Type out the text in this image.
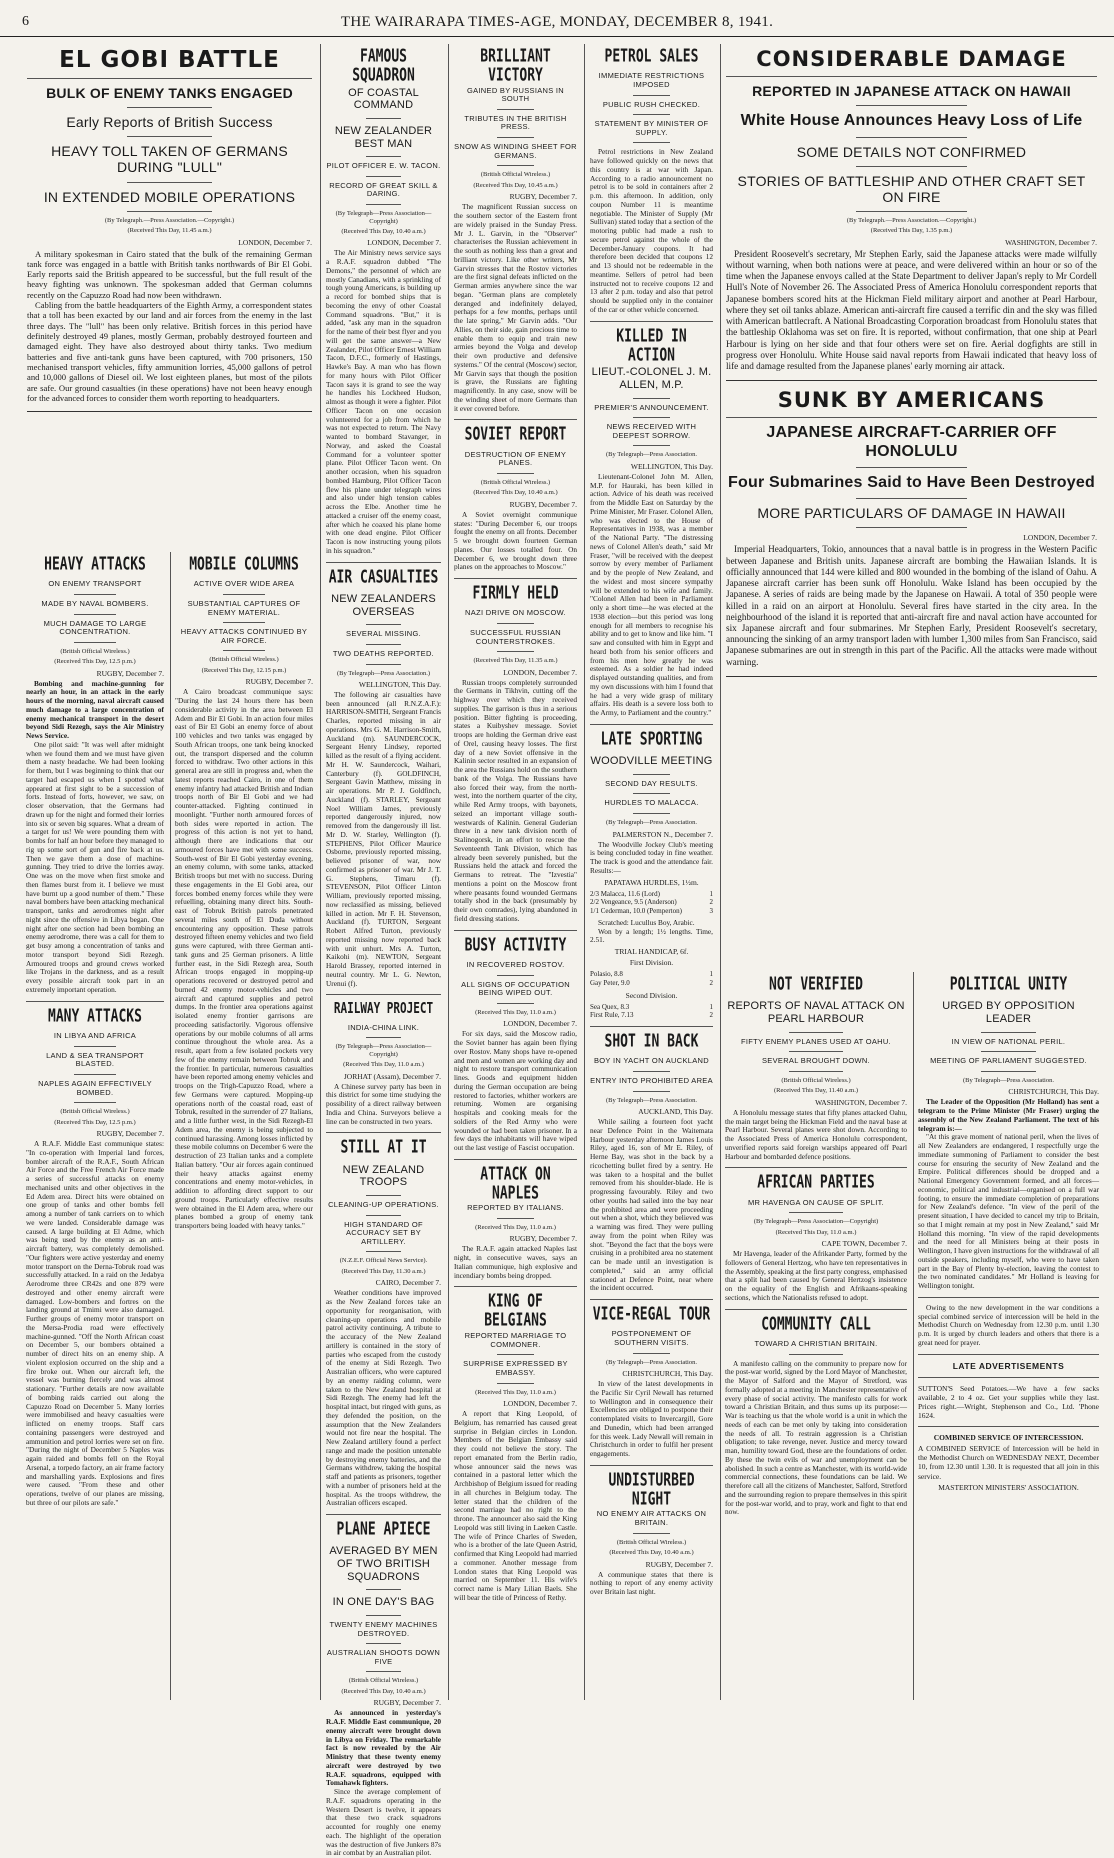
6	THE WAIRARAPA TIMES-AGE, MONDAY, DECEMBER 8, 1941.
EL GOBI BATTLE
BULK OF ENEMY TANKS ENGAGED
Early Reports of British Success
HEAVY TOLL TAKEN OF GERMANS DURING "LULL"
IN EXTENDED MOBILE OPERATIONS
(By Telegraph.—Press Association.—Copyright.)
(Received This Day, 11.45 a.m.)
LONDON, December 7.

A military spokesman in Cairo stated that the bulk of the remaining German tank force was engaged in a battle with British tanks northwards of Bir El Gobi. Early reports said the British appeared to be successful, but the full result of the heavy fighting was unknown. The spokesman added that German columns recently on the Capuzzo Road had now been withdrawn.

Cabling from the battle headquarters of the Eighth Army, a correspondent states that a toll has been exacted by our land and air forces from the enemy in the last three days. The "lull" has been only relative. British forces in this period have definitely destroyed 49 planes, mostly German, probably destroyed fourteen and damaged eight. They have also destroyed about thirty tanks. Two medium batteries and five anti-tank guns have been captured, with 700 prisoners, 150 mechanised transport vehicles, fifty ammunition lorries, 45,000 gallons of petrol and 10,000 gallons of Diesel oil. We lost eighteen planes, but most of the pilots are safe. Our ground casualties (in these operations) have not been heavy enough for the advanced forces to consider them worth reporting to headquarters.

HEAVY ATTACKS
ON ENEMY TRANSPORT
MADE BY NAVAL BOMBERS.
MUCH DAMAGE TO LARGE CONCENTRATION.
(British Official Wireless.)
(Received This Day, 12.5 p.m.)
RUGBY, December 7.

Bombing and machine-gunning for nearly an hour, in an attack in the early hours of the morning, naval aircraft caused much damage to a large concentration of enemy mechanical transport in the desert beyond Sidi Rezegh, says the Air Ministry News Service.

One pilot said: "It was well after midnight when we found them and we must have given them a nasty headache. We had been looking for them, but I was beginning to think that our target had escaped us when I spotted what appeared at first sight to be a succession of forts. Instead of forts, however, we saw, on closer observation, that the Germans had drawn up for the night and formed their lorries into six or seven big squares. What a dream of a target for us! We were pounding them with bombs for half an hour before they managed to rig up some sort of gun and fire back at us. Then we gave them a dose of machine-gunning. They tried to drive the lorries away. One was on the move when first smoke and then flames burst from it. I believe we must have burnt up a good number of them." These naval bombers have been attacking mechanical transport, tanks and aerodromes night after night since the offensive in Libya began. One night after one section had been bombing an enemy aerodrome, there was a call for them to get busy among a concentration of tanks and motor transport beyond Sidi Rezegh. Armoured troops and ground crews worked like Trojans in the darkness, and as a result every possible aircraft took part in an extremely important operation.

MANY ATTACKS
IN LIBYA AND AFRICA
LAND & SEA TRANSPORT BLASTED.
NAPLES AGAIN EFFECTIVELY BOMBED.
(British Official Wireless.)
(Received This Day, 12.5 p.m.)
RUGBY, December 7.

A R.A.F. Middle East communique states: "In co-operation with Imperial land forces, bomber aircraft of the R.A.F., South African Air Force and the Free French Air Force made a series of successful attacks on enemy mechanised units and other objectives in the Ed Adem area. Direct hits were obtained on one group of tanks and other bombs fell among a number of tank carriers on to which we were landed. Considerable damage was caused. A large building at El Adme, which was being used by the enemy as an anti-aircraft battery, was completely demolished. "Our fighters were active yesterday and enemy motor transport on the Derna-Tobruk road was successfully attacked. In a raid on the Jedabya Aerodrome three CR42s and one 879 were destroyed and other enemy aircraft were damaged. Low-bombers and fortres on the landing ground at Tmimi were also damaged. Further groups of enemy motor transport on the Mersa-Prodia road were effectively machine-gunned. "Off the North African coast on December 5, our bombers obtained a number of direct hits on an enemy ship. A violent explosion occurred on the ship and a fire broke out. When our aircraft left, the vessel was burning fiercely and was almost stationary. "Further details are now available of bombing raids carried out along the Capuzzo Road on December 5. Many lorries were immobilised and heavy casualties were inflicted on enemy troops. Staff cars containing passengers were destroyed and ammunition and petrol lorries were set on fire. "During the night of December 5 Naples was again raided and bombs fell on the Royal Arsenal, a torpedo factory, an air frame factory and marshalling yards. Explosions and fires were caused. "From these and other operations, twelve of our planes are missing, but three of our pilots are safe."

MOBILE COLUMNS
ACTIVE OVER WIDE AREA
SUBSTANTIAL CAPTURES OF ENEMY MATERIAL.
HEAVY ATTACKS CONTINUED BY AIR FORCE.
(British Official Wireless.)
(Received This Day, 12.15 p.m.)
RUGBY, December 7.

A Cairo broadcast communique says: "During the last 24 hours there has been considerable activity in the area between El Adem and Bir El Gobi. In an action four miles east of Bir El Gobi an enemy force of about 100 vehicles and two tanks was engaged by South African troops, one tank being knocked out, the transport dispersed and the column forced to withdraw. Two other actions in this general area are still in progress and, when the latest reports reached Cairo, in one of them enemy infantry had attacked British and Indian troops north of Bir El Gobi and we had counter-attacked. Fighting continued in moonlight. "Further north armoured forces of both sides were reported in action. The progress of this action is not yet to hand, although there are indications that our armoured forces have met with some success. South-west of Bir El Gobi yesterday evening, an enemy column, with some tanks, attacked British troops but met with no success. During these engagements in the El Gobi area, our forces bombed enemy forces while they were refuelling, obtaining many direct hits. South-east of Tobruk British patrols penetrated several miles south of El Duda without encountering any opposition. These patrols destroyed fifteen enemy vehicles and two field guns were captured, with three German anti-tank guns and 25 German prisoners. A little further east, in the Sidi Rezegh area, South African troops engaged in mopping-up operations recovered or destroyed petrol and burned 42 enemy motor-vehicles and two aircraft and captured supplies and petrol dumps. In the frontier area operations against isolated enemy frontier garrisons are proceeding satisfactorily. Vigorous offensive operations by our mobile columns of all arms continue throughout the whole area. As a result, apart from a few isolated pockets very few of the enemy remain between Tobruk and the frontier. In particular, numerous casualties have been reported among enemy vehicles and troops on the Trigh-Capuzzo Road, where a few Germans were captured. Mopping-up operations north of the coastal road, east of Tobruk, resulted in the surrender of 27 Italians, and a little further west, in the Sidi Rezegh-El Adem area, the enemy is being subjected to continued harassing. Among losses inflicted by these mobile columns on December 6 were the destruction of 23 Italian tanks and a complete Italian battery. "Our air forces again continued their heavy attacks against enemy concentrations and enemy motor-vehicles, in addition to affording direct support to our ground troops. Particularly effective results were obtained in the El Adem area, where our planes bombed a group of enemy tank transporters being loaded with heavy tanks."

FAMOUS SQUADRON
OF COASTAL COMMAND
NEW ZEALANDER BEST MAN
PILOT OFFICER E. W. TACON.
RECORD OF GREAT SKILL & DARING.
(By Telegraph—Press Association—Copyright)
(Received This Day, 10.40 a.m.)
LONDON, December 7.

The Air Ministry news service says a R.A.F. squadron dubbed "The Demons," the personnel of which are mostly Canadians, with a sprinkling of tough young Americans, is building up a record for bombed ships that is becoming the envy of other Coastal Command squadrons. "But," it is added, "ask any man in the squadron for the name of their best flyer and you will get the same answer—a New Zealander, Pilot Officer Ernest William Tacon, D.F.C., formerly of Hastings, Hawke's Bay. A man who has flown for many hours with Pilot Officer Tacon says it is grand to see the way he handles his Lockheed Hudson, almost as though it were a fighter. Pilot Officer Tacon on one occasion volunteered for a job from which he was not expected to return. The Navy wanted to bombard Stavanger, in Norway, and asked the Coastal Command for a volunteer spotter plane. Pilot Officer Tacon went. On another occasion, when his squadron bombed Hamburg, Pilot Officer Tacon flew his plane under telegraph wires and also under high tension cables across the Elbe. Another time he attacked a cruiser off the enemy coast, after which he coaxed his plane home with one dead engine. Pilot Officer Tacon is now instructing young pilots in his squadron."

AIR CASUALTIES
NEW ZEALANDERS OVERSEAS
SEVERAL MISSING.
TWO DEATHS REPORTED.
(By Telegraph—Press Association.)
WELLINGTON, This Day.

The following air casualties have been announced (all R.N.Z.A.F.): HARRISON-SMITH, Sergeant Francis Charles, reported missing in air operations. Mrs G. M. Harrison-Smith, Auckland (m). SAUNDERCOCK, Sergeant Henry Lindsey, reported killed as the result of a flying accident. Mr H. W. Saundercock, Waihari, Canterbury (f). GOLDFINCH, Sergeant Gavin Matthew, missing in air operations. Mr P. J. Goldfinch, Auckland (f). STARLEY, Sergeant Noel William James, previously reported dangerously injured, now removed from the dangerously ill list. Mr D. W. Starley, Wellington (f). STEPHENS, Pilot Officer Maurice Osborne, previously reported missing, believed prisoner of war, now confirmed as prisoner of war. Mr J. T. G. Stephens, Timaru (f). STEVENSON, Pilot Officer Linton William, previously reported missing, now reclassified as missing, believed killed in action. Mr F. H. Stevenson, Auckland (f). TURTON, Sergeant Robert Alfred Turton, previously reported missing now reported back with unit unhurt. Mrs A. Turton, Kaikohi (m). NEWTON, Sergeant Harold Brassey, reported interned in neutral country. Mr L. G. Newton, Urenui (f).

RAILWAY PROJECT
INDIA-CHINA LINK.
(By Telegraph—Press Association—Copyright)
(Received This Day, 11.0 a.m.)
JORHAT (Assam), December 7.

A Chinese survey party has been in this district for some time studying the possibility of a direct railway between India and China. Surveyors believe a line can be constructed in two years.

STILL AT IT
NEW ZEALAND TROOPS
CLEANING-UP OPERATIONS.
HIGH STANDARD OF ACCURACY SET BY ARTILLERY.
(N.Z.E.F. Official News Service).
(Received This Day, 11.30 a.m.)
CAIRO, December 7.

Weather conditions have improved as the New Zealand forces take an opportunity for reorganisation, with cleaning-up operations and mobile patrol activity continuing. A tribute to the accuracy of the New Zealand artillery is contained in the story of parties who escaped from the custody of the enemy at Sidi Rezegh. Two Australian officers, who were captured by an enemy raiding column, were taken to the New Zealand hospital at Sidi Rezegh. The enemy had left the hospital intact, but ringed with guns, as they defended the position, on the assumption that the New Zealanders would not fire near the hospital. The New Zealand artillery found a perfect range and made the position untenable by destroying enemy batteries, and the Germans withdrew, taking the hospital staff and patients as prisoners, together with a number of prisoners held at the hospital. As the troops withdrew, the Australian officers escaped.

PLANE APIECE
AVERAGED BY MEN OF TWO BRITISH SQUADRONS
IN ONE DAY'S BAG
TWENTY ENEMY MACHINES DESTROYED.
AUSTRALIAN SHOOTS DOWN FIVE
(British Official Wireless.)
(Received This Day, 10.40 a.m.)
RUGBY, December 7.

As announced in yesterday's R.A.F. Middle East communique, 20 enemy aircraft were brought down in Libya on Friday. The remarkable fact is now revealed by the Air Ministry that these twenty enemy aircraft were destroyed by two R.A.F. squadrons, equipped with Tomahawk fighters.

Since the average complement of R.A.F. squadrons operating in the Western Desert is twelve, it appears that these two crack squadrons accounted for roughly one enemy each. The highlight of the operation was the destruction of five Junkers 87s in air combat by an Australian pilot.

BRILLIANT VICTORY
GAINED BY RUSSIANS IN SOUTH
TRIBUTES IN THE BRITISH PRESS.
SNOW AS WINDING SHEET FOR GERMANS.
(British Official Wireless.)
(Received This Day, 10.45 a.m.)
RUGBY, December 7.

The magnificent Russian success on the southern sector of the Eastern front are widely praised in the Sunday Press. Mr J. L. Garvin, in the "Observer" characterises the Russian achievement in the south as nothing less than a great and brilliant victory. Like other writers, Mr Garvin stresses that the Rostov victories are the first signal defeats inflicted on the German armies anywhere since the war began. "German plans are completely deranged and indefinitely delayed, perhaps for a few months, perhaps until the late spring," Mr Garvin adds. "Our Allies, on their side, gain precious time to enable them to equip and train new armies beyond the Volga and develop their own productive and defensive systems." Of the central (Moscow) sector, Mr Garvin says that though the position is grave, the Russians are fighting magnificently. In any case, snow will be the winding sheet of more Germans than it ever covered before.

SOVIET REPORT
DESTRUCTION OF ENEMY PLANES.
(British Official Wireless.)
(Received This Day, 10.40 a.m.)
RUGBY, December 7.

A Soviet overnight communique states: "During December 6, our troops fought the enemy on all fronts. December 5 we brought down fourteen German planes. Our losses totalled four. On December 6, we brought down three planes on the approaches to Moscow."

FIRMLY HELD
NAZI DRIVE ON MOSCOW.
SUCCESSFUL RUSSIAN COUNTERSTROKES.
(Received This Day, 11.35 a.m.)
LONDON, December 7.

Russian troops completely surrounded the Germans in Tikhvin, cutting off the highway over which they received supplies. The garrison is thus in a serious position. Bitter fighting is proceeding, states a Kuibyshev message. Soviet troops are holding the German drive east of Orel, causing heavy losses. The first day of a new Soviet offensive in the Kalinin sector resulted in an expansion of the area the Russians hold on the southern bank of the Volga. The Russians have also forced their way, from the north-west, into the northern quarter of the city, while Red Army troops, with bayonets, seized an important village south-westwards of Kalinin. General Guderian threw in a new tank division north of Stalinogorsk, in an effort to rescue the Seventeenth Tank Division, which has already been severely punished, but the Russians held the attack and forced the Germans to retreat. The "Izvestia" mentions a point on the Moscow front where peasants found wounded Germans totally shod in the back (presumably by their own comrades), lying abandoned in field dressing stations.

BUSY ACTIVITY
IN RECOVERED ROSTOV.
ALL SIGNS OF OCCUPATION BEING WIPED OUT.
(Received This Day, 11.0 a.m.)
LONDON, December 7.

For six days, said the Moscow radio, the Soviet banner has again been flying over Rostov. Many shops have re-opened and men and women are working day and night to restore transport communication lines. Goods and equipment hidden during the German occupation are being restored to factories, whither workers are returning. Women are organising hospitals and cooking meals for the soldiers of the Red Army who were wounded or had been taken prisoner. In a few days the inhabitants will have wiped out the last vestige of Fascist occupation.

ATTACK ON NAPLES
REPORTED BY ITALIANS.
(Received This Day, 11.0 a.m.)
RUGBY, December 7.

The R.A.F. again attacked Naples last night, in consecutive waves, says an Italian communique, high explosive and incendiary bombs being dropped.

KING OF BELGIANS
REPORTED MARRIAGE TO COMMONER.
SURPRISE EXPRESSED BY EMBASSY.
(Received This Day, 11.0 a.m.)
LONDON, December 7.

A report that King Leopold, of Belgium, has remarried has caused great surprise in Belgian circles in London. Members of the Belgian Embassy said they could not believe the story. The report emanated from the Berlin radio, whose announcer said the news was contained in a pastoral letter which the Archbishop of Belgium issued for reading in all churches in Belgium today. The letter stated that the children of the second marriage had no right to the throne. The announcer also said the King Leopold was still living in Laeken Castle. The wife of Prince Charles of Sweden, who is a brother of the late Queen Astrid, confirmed that King Leopold had married a commoner. Another message from London states that King Leopold was married on September 11. His wife's correct name is Mary Lilian Baels. She will bear the title of Princess of Rethy.

PETROL SALES
IMMEDIATE RESTRICTIONS IMPOSED
PUBLIC RUSH CHECKED.
STATEMENT BY MINISTER OF SUPPLY.

Petrol restrictions in New Zealand have followed quickly on the news that this country is at war with Japan. According to a radio announcement no petrol is to be sold in containers after 2 p.m. this afternoon. In addition, only coupon Number 11 is meantime negotiable. The Minister of Supply (Mr Sullivan) stated today that a section of the motoring public had made a rush to secure petrol against the whole of the December-January coupons. It had therefore been decided that coupons 12 and 13 should not be redeemable in the meantime. Sellers of petrol had been instructed not to receive coupons 12 and 13 after 2 p.m. today and also that petrol should be supplied only in the container of the car or other vehicle concerned.

KILLED IN ACTION
LIEUT.-COLONEL J. M. ALLEN, M.P.
PREMIER'S ANNOUNCEMENT.
NEWS RECEIVED WITH DEEPEST SORROW.
(By Telegraph—Press Association.
WELLINGTON, This Day.

Lieutenant-Colonel John M. Allen, M.P. for Hauraki, has been killed in action. Advice of his death was received from the Middle East on Saturday by the Prime Minister, Mr Fraser. Colonel Allen, who was elected to the House of Representatives in 1938, was a member of the National Party. "The distressing news of Colonel Allen's death," said Mr Fraser, "will be received with the deepest sorrow by every member of Parliament and by the people of New Zealand, and the widest and most sincere sympathy will be extended to his wife and family. "Colonel Allen had been in Parliament only a short time—he was elected at the 1938 election—but this period was long enough for all members to recognise his ability and to get to know and like him. "I saw and consulted with him in Egypt and heard both from his senior officers and from his men how greatly he was esteemed. As a soldier he had indeed displayed outstanding qualities, and from my own discussions with him I found that he had a very wide grasp of military affairs. His death is a severe loss both to the Army, to Parliament and the country."

LATE SPORTING
WOODVILLE MEETING
SECOND DAY RESULTS.
HURDLES TO MALACCA.
(By Telegraph—Press Association.
PALMERSTON N., December 7.

The Woodville Jockey Club's meeting is being concluded today in fine weather. The track is good and the attendance fair. Results:—

PAPATAWA HURDLES, 1½m.
2/3 Malacca, 11.6 (Lord)	1
2/2 Vengeance, 9.5 (Anderson)	2
1/1 Cederman, 10.0 (Pemperton)	3

Scratched: Lucullus Boy, Arabic.

Won by a length; 1½ lengths. Time, 2.51.

TRIAL HANDICAP, 6f.
First Division.
Polasio, 8.8	1
Gay Peter, 9.0	2
Second Division.
Sea Quex, 8.3	1
First Rule, 7.13	2
SHOT IN BACK
BOY IN YACHT ON AUCKLAND
ENTRY INTO PROHIBITED AREA
(By Telegraph—Press Association.
AUCKLAND, This Day.

While sailing a fourteen foot yacht near Defence Point in the Waitemata Harbour yesterday afternoon James Louis Riley, aged 16, son of Mr E. Riley, of Herne Bay, was shot in the back by a ricochetting bullet fired by a sentry. He was taken to a hospital and the bullet removed from his shoulder-blade. He is progressing favourably. Riley and two other youths had sailed into the bay near the prohibited area and were proceeding out when a shot, which they believed was a warning was fired. They were pulling away from the point when Riley was shot. "Beyond the fact that the boys were cruising in a prohibited area no statement can be made until an investigation is completed," said an army official stationed at Defence Point, near where the incident occurred.

VICE-REGAL TOUR
POSTPONEMENT OF SOUTHERN VISITS.
(By Telegraph—Press Association.
CHRISTCHURCH, This Day.

In view of the latest developments in the Pacific Sir Cyril Newall has returned to Wellington and in consequence their Excellencies are obliged to postpone their contemplated visits to Invercargill, Gore and Dunedin, which had been arranged for this week. Lady Newall will remain in Christchurch in order to fulfil her present engagements.

UNDISTURBED NIGHT
NO ENEMY AIR ATTACKS ON BRITAIN.
(British Official Wireless.)
(Received This Day, 10.40 a.m.)
RUGBY, December 7.

A communique states that there is nothing to report of any enemy activity over Britain last night.

CONSIDERABLE DAMAGE
REPORTED IN JAPANESE ATTACK ON HAWAII
White House Announces Heavy Loss of Life
SOME DETAILS NOT CONFIRMED
STORIES OF BATTLESHIP AND OTHER CRAFT SET ON FIRE
(By Telegraph.—Press Association.—Copyright.)
(Received This Day, 1.35 p.m.)
WASHINGTON, December 7.

President Roosevelt's secretary, Mr Stephen Early, said the Japanese attacks were made wilfully without warning, when both nations were at peace, and were delivered within an hour or so of the time when the Japanese envoys called at the State Department to deliver Japan's reply to Mr Cordell Hull's Note of November 26. The Associated Press of America Honolulu correspondent reports that Japanese bombers scored hits at the Hickman Field military airport and another at Pearl Harbour, where they set oil tanks ablaze. American anti-aircraft fire caused a terrific din and the sky was filled with American battlecraft. A National Broadcasting Corporation broadcast from Honolulu states that the battleship Oklahoma was set on fire. It is reported, without confirmation, that one ship at Pearl Harbour is lying on her side and that four others were set on fire. Aerial dogfights are still in progress over Honolulu. White House said naval reports from Hawaii indicated that heavy loss of life and damage resulted from the Japanese planes' early morning air attack.

SUNK BY AMERICANS
JAPANESE AIRCRAFT-CARRIER OFF HONOLULU
Four Submarines Said to Have Been Destroyed
MORE PARTICULARS OF DAMAGE IN HAWAII
LONDON, December 7.

Imperial Headquarters, Tokio, announces that a naval battle is in progress in the Western Pacific between Japanese and British units. Japanese aircraft are bombing the Hawaiian Islands. It is officially announced that 144 were killed and 800 wounded in the bombing of the island of Oahu. A Japanese aircraft carrier has been sunk off Honolulu. Wake Island has been occupied by the Japanese. A series of raids are being made by the Japanese on Hawaii. A total of 350 people were killed in a raid on an airport at Honolulu. Several fires have started in the city area. In the neighbourhood of the island it is reported that anti-aircraft fire and naval action have accounted for six Japanese aircraft and four submarines. Mr Stephen Early, President Roosevelt's secretary, announcing the sinking of an army transport laden with lumber 1,300 miles from San Francisco, said Japanese submarines are out in strength in this part of the Pacific. All the attacks were made without warning.

NOT VERIFIED
REPORTS OF NAVAL ATTACK ON PEARL HARBOUR
FIFTY ENEMY PLANES USED AT OAHU.
SEVERAL BROUGHT DOWN.
(British Official Wireless.)
(Received This Day, 11.40 a.m.)
WASHINGTON, December 7.

A Honolulu message states that fifty planes attacked Oahu, the main target being the Hickman Field and the naval base at Pearl Harbour. Several planes were shot down. According to the Associated Press of America Honolulu correspondent, unverified reports said foreign warships appeared off Pearl Harbour and bombarded defence positions.

AFRICAN PARTIES
MR HAVENGA ON CAUSE OF SPLIT.
(By Telegraph—Press Association—Copyright)
(Received This Day, 11.0 a.m.)
CAPE TOWN, December 7.

Mr Havenga, leader of the Afrikander Party, formed by the followers of General Hertzog, who have ten representatives in the Assembly, speaking at the first party congress, emphasised that a split had been caused by General Hertzog's insistence on the equality of the English and Afrikaans-speaking sections, which the Nationalists refused to adopt.

COMMUNITY CALL
TOWARD A CHRISTIAN BRITAIN.

A manifesto calling on the community to prepare now for the post-war world, signed by the Lord Mayor of Manchester, the Mayor of Salford and the Mayor of Stretford, was formally adopted at a meeting in Manchester representative of every phase of social activity. The manifesto calls for work toward a Christian Britain, and thus sums up its purpose:—War is teaching us that the whole world is a unit in which the needs of each can be met only by taking into consideration the needs of all. To restrain aggression is a Christian obligation; to take revenge, never. Justice and mercy toward man, humility toward God, these are the foundations of order. By these the twin evils of war and unemployment can be abolished. In such a centre as Manchester, with its world-wide commercial connections, these foundations can be laid. We therefore call all the citizens of Manchester, Salford, Stretford and the surrounding region to prepare themselves in this spirit for the post-war world, and to pray, work and fight to that end now.

POLITICAL UNITY
URGED BY OPPOSITION LEADER
IN VIEW OF NATIONAL PERIL.
MEETING OF PARLIAMENT SUGGESTED.
(By Telegraph—Press Association.
CHRISTCHURCH, This Day.

The Leader of the Opposition (Mr Holland) has sent a telegram to the Prime Minister (Mr Fraser) urging the assembly of the New Zealand Parliament. The text of his telegram is:—

"At this grave moment of national peril, when the lives of all New Zealanders are endangered, I respectfully urge the immediate summoning of Parliament to consider the best course for ensuring the security of New Zealand and the Empire. Political differences should be dropped and a National Emergency Government formed, and all forces—economic, political and industrial—organised on a full war footing, to ensure the immediate completion of preparations for New Zealand's defence. "In view of the peril of the present situation, I have decided to cancel my trip to Britain, so that I might remain at my post in New Zealand," said Mr Holland this morning. "In view of the rapid developments and the need for all Ministers being at their posts in Wellington, I have given instructions for the withdrawal of all outside speakers, including myself, who were to have taken part in the Bay of Plenty by-election, leaving the contest to the two nominated candidates." Mr Holland is leaving for Wellington tonight.

Owing to the new development in the war conditions a special combined service of intercession will be held in the Methodist Church on Wednesday from 12.30 p.m. until 1.30 p.m. It is urged by church leaders and others that there is a great need for prayer.

LATE ADVERTISEMENTS

SUTTON'S Seed Potatoes.—We have a few sacks available, 2 to 4 oz. Get your supplies while they last. Prices right.—Wright, Stephenson and Co., Ltd. 'Phone 1624.

COMBINED SERVICE OF INTERCESSION.

A COMBINED SERVICE of Intercession will be held in the Methodist Church on WEDNESDAY NEXT, December 10, from 12.30 until 1.30. It is requested that all join in this service.

MASTERTON MINISTERS' ASSOCIATION.
